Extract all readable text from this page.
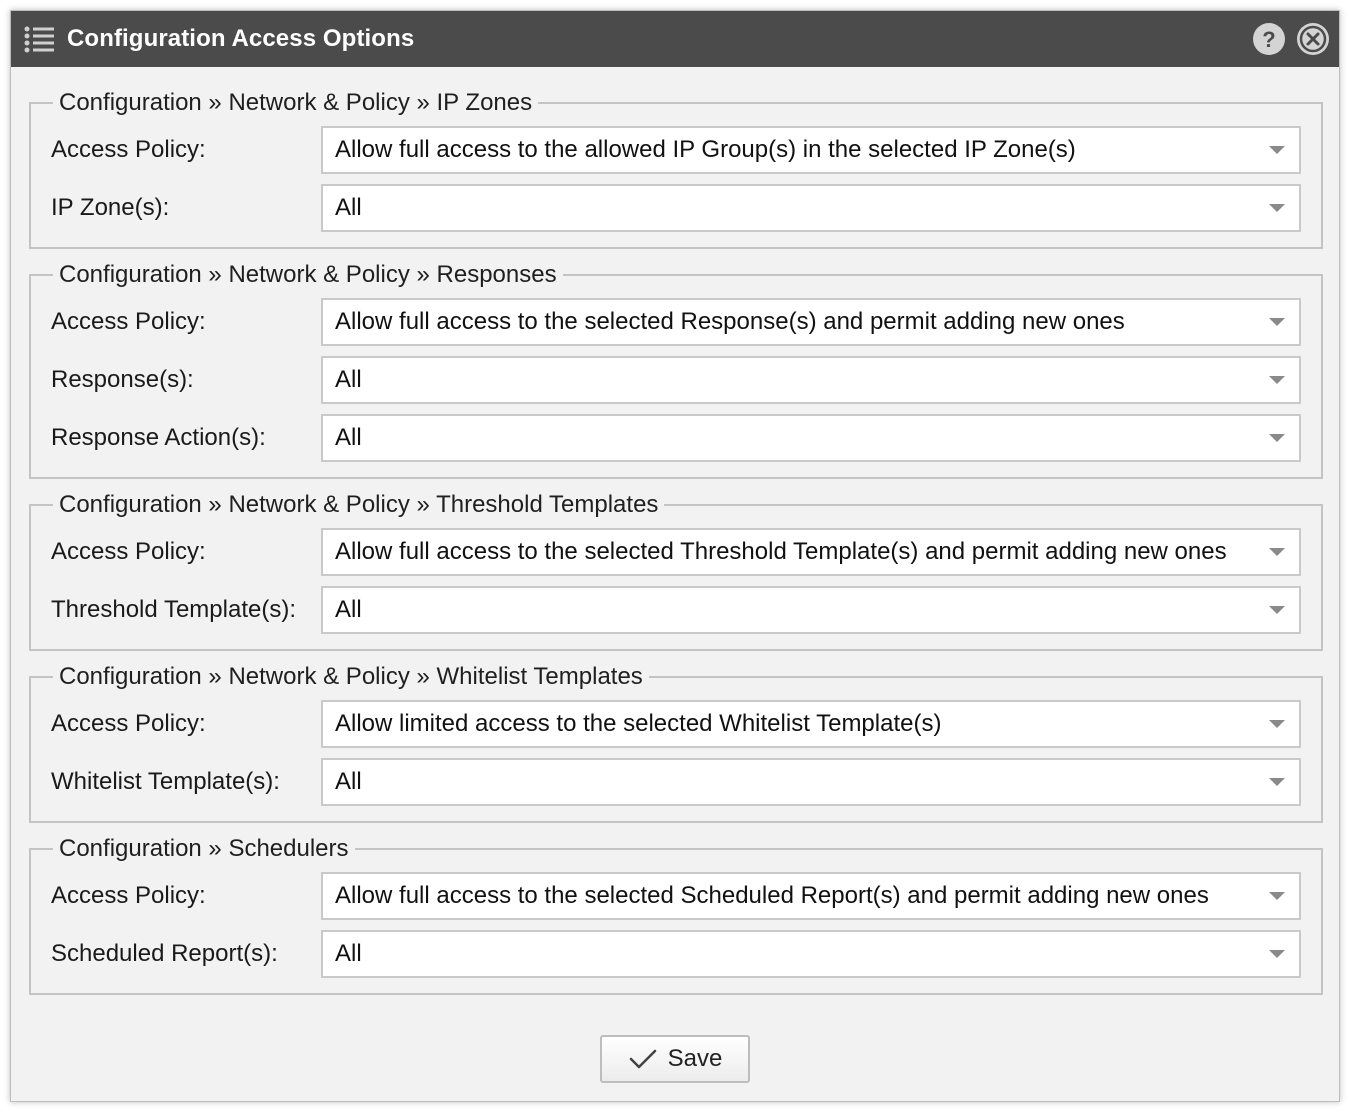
Configuration Access Options	?
Configuration » Network & Policy » IP Zones
Access Policy:	Allow full access to the allowed IP Group(s) in the selected IP Zone(s)
IP Zone(s):	All
Configuration » Network & Policy » Responses
Access Policy:	Allow full access to the selected Response(s) and permit adding new ones
Response(s):	All
Response Action(s):	All
Configuration » Network & Policy » Threshold Templates
Access Policy:	Allow full access to the selected Threshold Template(s) and permit adding new ones
Threshold Template(s):	All
Configuration » Network & Policy » Whitelist Templates
Access Policy:	Allow limited access to the selected Whitelist Template(s)
Whitelist Template(s):	All
Configuration » Schedulers
Access Policy:	Allow full access to the selected Scheduled Report(s) and permit adding new ones
Scheduled Report(s):	All
Save
